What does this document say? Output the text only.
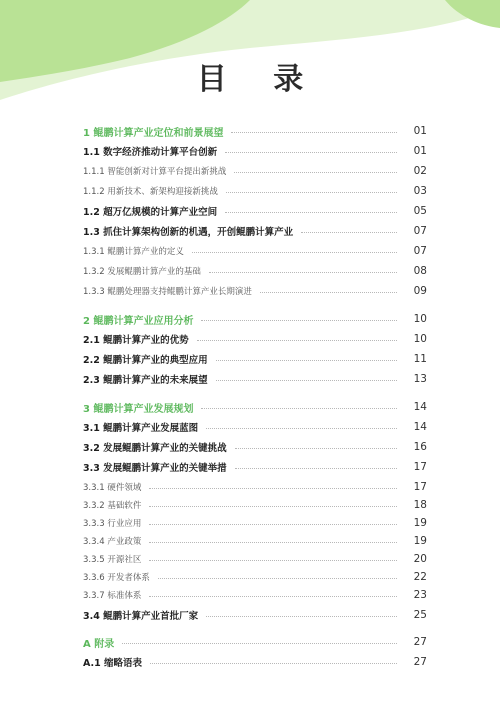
目 录
1 鲲鹏计算产业定位和前景展望	01
1.1 数字经济推动计算平台创新	01
1.1.1 智能创新对计算平台提出新挑战	02
1.1.2 用新技术、新架构迎接新挑战	03
1.2 超万亿规模的计算产业空间	05
1.3 抓住计算架构创新的机遇，开创鲲鹏计算产业	07
1.3.1 鲲鹏计算产业的定义	07
1.3.2 发展鲲鹏计算产业的基础	08
1.3.3 鲲鹏处理器支持鲲鹏计算产业长期演进	09
2 鲲鹏计算产业应用分析	10
2.1 鲲鹏计算产业的优势	10
2.2 鲲鹏计算产业的典型应用	11
2.3 鲲鹏计算产业的未来展望	13
3 鲲鹏计算产业发展规划	14
3.1 鲲鹏计算产业发展蓝图	14
3.2 发展鲲鹏计算产业的关键挑战	16
3.3 发展鲲鹏计算产业的关键举措	17
3.3.1 硬件领域	17
3.3.2 基础软件	18
3.3.3 行业应用	19
3.3.4 产业政策	19
3.3.5 开源社区	20
3.3.6 开发者体系	22
3.3.7 标准体系	23
3.4 鲲鹏计算产业首批厂家	25
A 附录	27
A.1 缩略语表	27
